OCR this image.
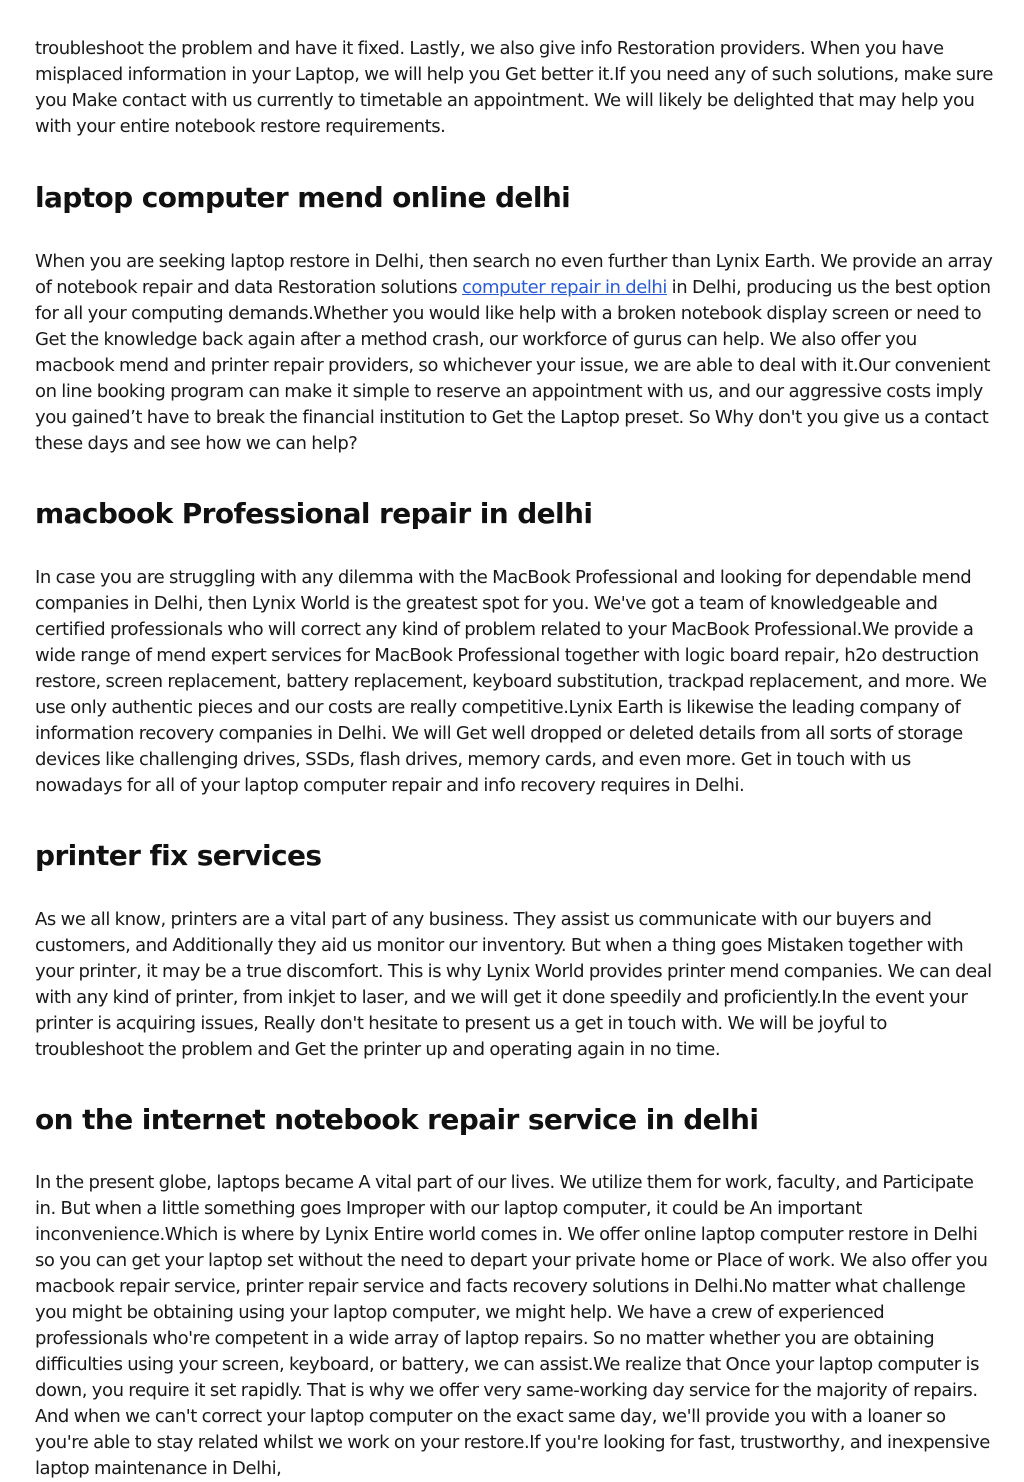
troubleshoot the problem and have it fixed. Lastly, we also give info Restoration providers. When you have misplaced information in your Laptop, we will help you Get better it.If you need any of such solutions, make sure you Make contact with us currently to timetable an appointment. We will likely be delighted that may help you with your entire notebook restore requirements.

laptop computer mend online delhi

When you are seeking laptop restore in Delhi, then search no even further than Lynix Earth. We provide an array of notebook repair and data Restoration solutions computer repair in delhi in Delhi, producing us the best option for all your computing demands.Whether you would like help with a broken notebook display screen or need to Get the knowledge back again after a method crash, our workforce of gurus can help. We also offer you macbook mend and printer repair providers, so whichever your issue, we are able to deal with it.Our convenient on line booking program can make it simple to reserve an appointment with us, and our aggressive costs imply you gained’t have to break the financial institution to Get the Laptop preset. So Why don't you give us a contact these days and see how we can help?

macbook Professional repair in delhi

In case you are struggling with any dilemma with the MacBook Professional and looking for dependable mend companies in Delhi, then Lynix World is the greatest spot for you. We've got a team of knowledgeable and certified professionals who will correct any kind of problem related to your MacBook Professional.We provide a wide range of mend expert services for MacBook Professional together with logic board repair, h2o destruction restore, screen replacement, battery replacement, keyboard substitution, trackpad replacement, and more. We use only authentic pieces and our costs are really competitive.Lynix Earth is likewise the leading company of information recovery companies in Delhi. We will Get well dropped or deleted details from all sorts of storage devices like challenging drives, SSDs, flash drives, memory cards, and even more. Get in touch with us nowadays for all of your laptop computer repair and info recovery requires in Delhi.

printer fix services

As we all know, printers are a vital part of any business. They assist us communicate with our buyers and customers, and Additionally they aid us monitor our inventory. But when a thing goes Mistaken together with your printer, it may be a true discomfort. This is why Lynix World provides printer mend companies. We can deal with any kind of printer, from inkjet to laser, and we will get it done speedily and proficiently.In the event your printer is acquiring issues, Really don't hesitate to present us a get in touch with. We will be joyful to troubleshoot the problem and Get the printer up and operating again in no time.

on the internet notebook repair service in delhi

In the present globe, laptops became A vital part of our lives. We utilize them for work, faculty, and Participate in. But when a little something goes Improper with our laptop computer, it could be An important inconvenience.Which is where by Lynix Entire world comes in. We offer online laptop computer restore in Delhi so you can get your laptop set without the need to depart your private home or Place of work. We also offer you macbook repair service, printer repair service and facts recovery solutions in Delhi.No matter what challenge you might be obtaining using your laptop computer, we might help. We have a crew of experienced professionals who're competent in a wide array of laptop repairs. So no matter whether you are obtaining difficulties using your screen, keyboard, or battery, we can assist.We realize that Once your laptop computer is down, you require it set rapidly. That is why we offer very same-working day service for the majority of repairs. And when we can't correct your laptop computer on the exact same day, we'll provide you with a loaner so you're able to stay related whilst we work on your restore.If you're looking for fast, trustworthy, and inexpensive laptop maintenance in Delhi,
